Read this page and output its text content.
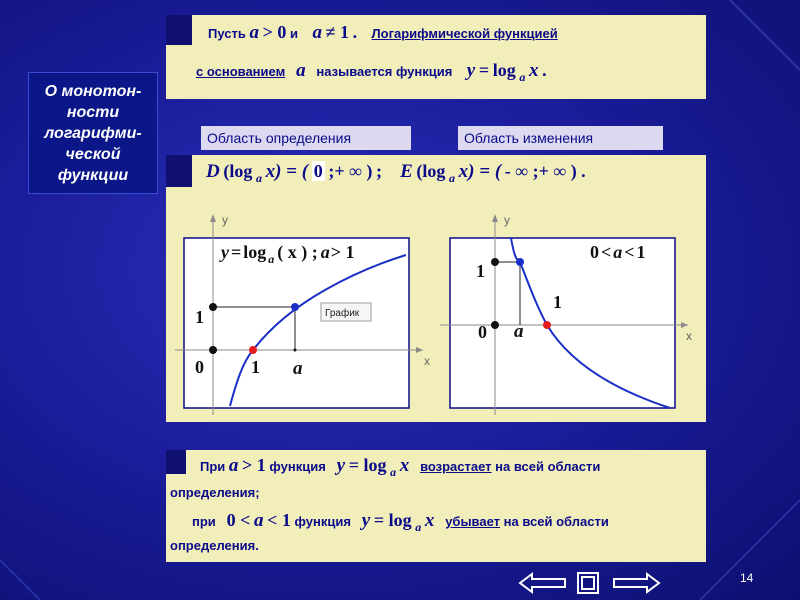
О монотон-
ности
логарифми-
ческой
функции
Пусть a > 0 и a ≠ 1 . Логарифмической функцией
с основанием a называется функция y = log a x .
Область определения	Область изменения
D (log a x) = ( 0 ;+ ∞ ) ; E (log a x) = ( - ∞ ;+ ∞ ) .
y
x
1
0	1 a
y = log $_a$ ( x ) ; a> 1
График
y
x
1
0
1
a
0 < a < 1
При a > 1 функция y = log a x возрастает на всей области
определения;
при 0 < a < 1 функция y = log a x убывает на всей области
определения.
14
